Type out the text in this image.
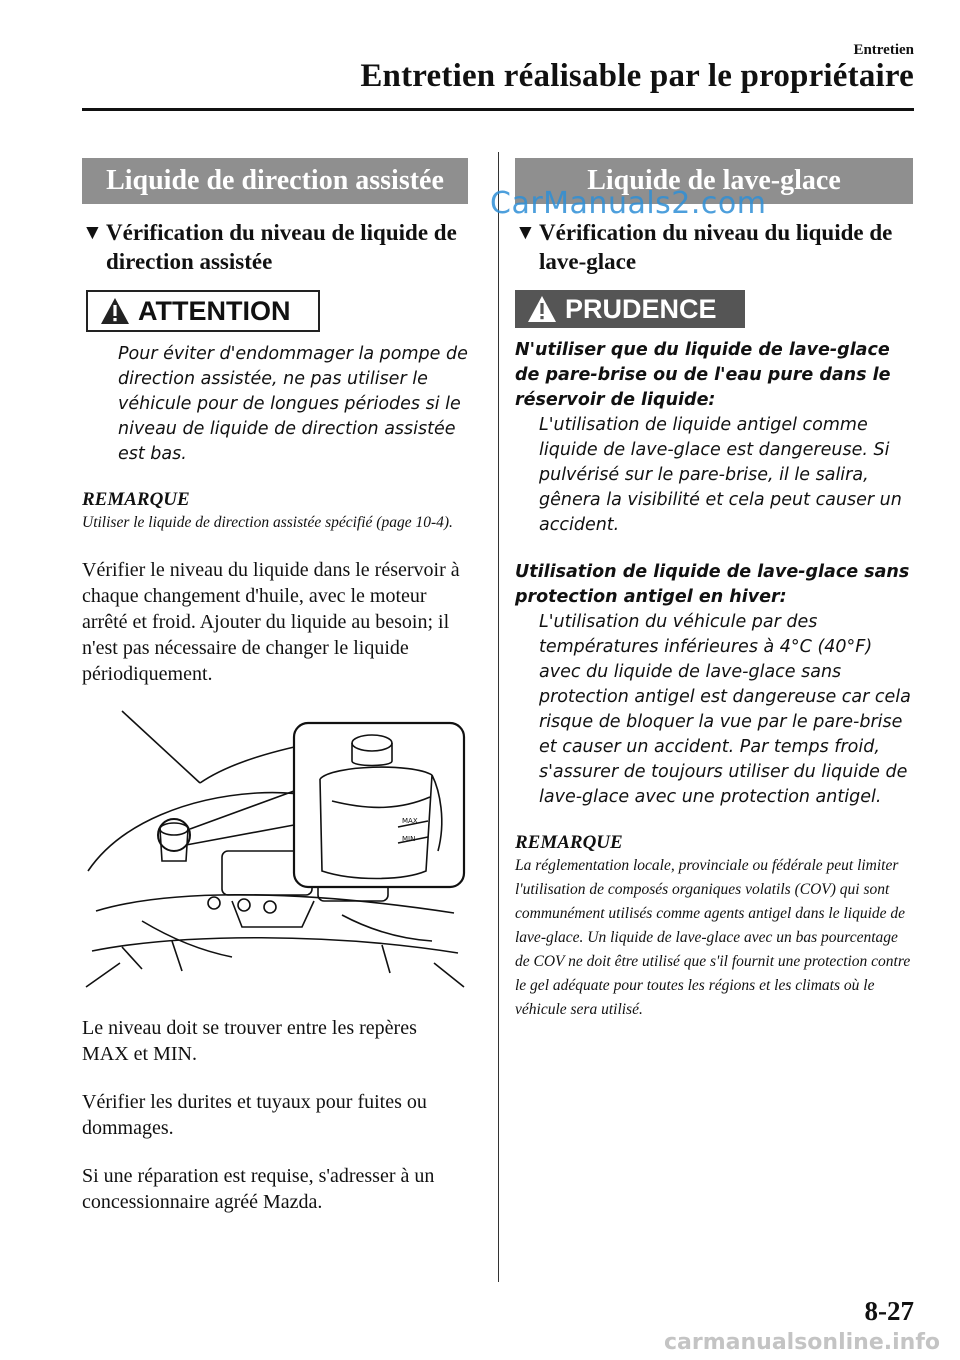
Entretien
Entretien réalisable par le propriétaire
Liquide de direction assistée
▼ Vérification du niveau de liquide de direction assistée
ATTENTION
Pour éviter d'endommager la pompe de direction assistée, ne pas utiliser le véhicule pour de longues périodes si le niveau de liquide de direction assistée est bas.
REMARQUE
Utiliser le liquide de direction assistée spécifié (page 10-4).
Vérifier le niveau du liquide dans le réservoir à chaque changement d'huile, avec le moteur arrêté et froid. Ajouter du liquide au besoin; il n'est pas nécessaire de changer le liquide périodiquement.
MAX
MIN
Le niveau doit se trouver entre les repères MAX et MIN.
Vérifier les durites et tuyaux pour fuites ou dommages.
Si une réparation est requise, s'adresser à un concessionnaire agréé Mazda.
Liquide de lave-glace
▼ Vérification du niveau du liquide de lave-glace
PRUDENCE
N'utiliser que du liquide de lave-glace de pare-brise ou de l'eau pure dans le réservoir de liquide:
L'utilisation de liquide antigel comme liquide de lave-glace est dangereuse. Si pulvérisé sur le pare-brise, il le salira, gênera la visibilité et cela peut causer un accident.
Utilisation de liquide de lave-glace sans protection antigel en hiver:
L'utilisation du véhicule par des températures inférieures à 4°C (40°F) avec du liquide de lave-glace sans protection antigel est dangereuse car cela risque de bloquer la vue par le pare-brise et causer un accident. Par temps froid, s'assurer de toujours utiliser du liquide de lave-glace avec une protection antigel.
REMARQUE
La réglementation locale, provinciale ou fédérale peut limiter l'utilisation de composés organiques volatils (COV) qui sont communément utilisés comme agents antigel dans le liquide de lave-glace. Un liquide de lave-glace avec un bas pourcentage de COV ne doit être utilisé que s'il fournit une protection contre le gel adéquate pour toutes les régions et les climats où le véhicule sera utilisé.
8-27
CarManuals2.com
carmanualsonline.info
